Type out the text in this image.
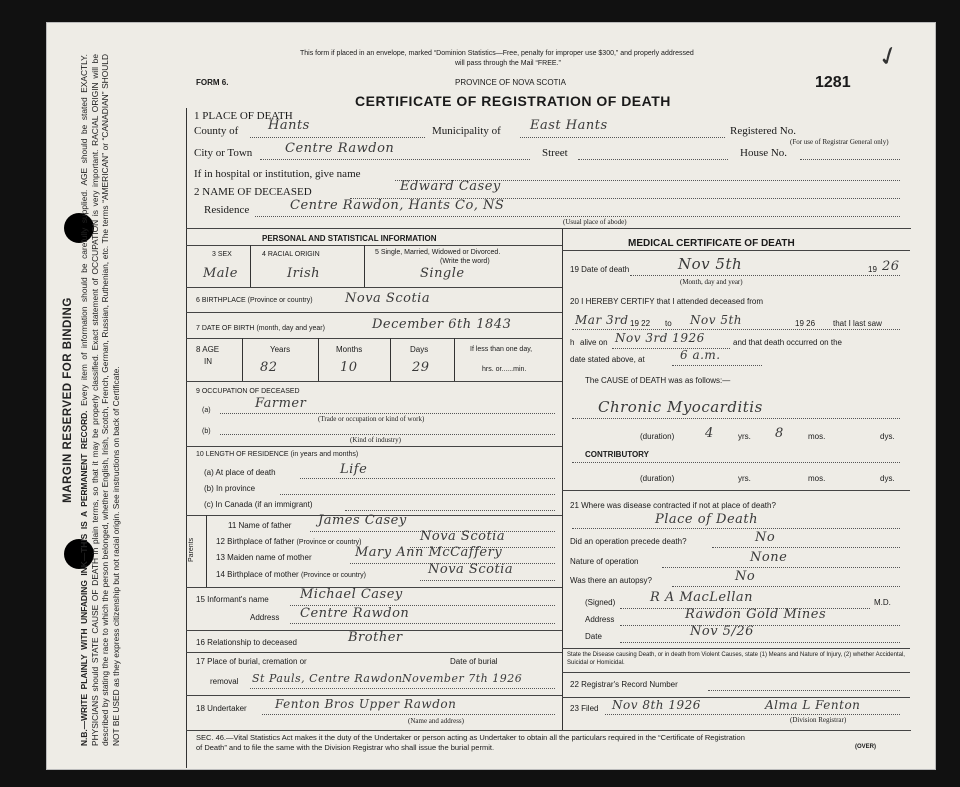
MARGIN RESERVED FOR BINDING
N.B.—WRITE PLAINLY WITH UNFADING INK—THIS IS A PERMANENT RECORD. Every item of information should be carefully supplied. AGE should be stated EXACTLY. PHYSICIANS should STATE CAUSE OF DEATH in plain terms, so that it may be properly classified. Exact statement of OCCUPATION is very important. RACIAL ORIGIN will be described by stating the race to which the person belonged, whether English, Irish, Scotch, French, German, Russian, Ruthenian, etc. The terms “AMERICAN” or “CANADIAN” SHOULD NOT BE USED as they express citizenship but not racial origin. See instructions on back of Certificate.
This form if placed in an envelope, marked “Dominion Statistics—Free, penalty for improper use $300,” and properly addressed
will pass through the Mail “FREE.”
FORM 6.	PROVINCE OF NOVA SCOTIA	1281
CERTIFICATE OF REGISTRATION OF DEATH
✓
1 PLACE OF DEATH
County of Hants	Municipality of East Hants	Registered No.
(For use of Registrar General only)
City or Town	Centre Rawdon	Street	House No.
If in hospital or institution, give name
2 NAME OF DECEASED	Edward Casey
Residence	Centre Rawdon, Hants Co, NS
(Usual place of abode)
PERSONAL AND STATISTICAL INFORMATION
3 SEX	4 RACIAL ORIGIN	5 Single, Married, Widowed or Divorced.
(Write the word)
Male	Irish	Single
6 BIRTHPLACE (Province or country) Nova Scotia
7 DATE OF BIRTH (month, day and year)	December 6th 1843
8 AGE
IN
Years	Months	Days	If less than one day,
hrs. or......min.
82	10	29
9 OCCUPATION OF DECEASED
(a)	Farmer
(Trade or occupation or kind of work)
(b)
(Kind of industry)
10 LENGTH OF RESIDENCE (in years and months)
(a) At place of death	Life
(b) In province
(c) In Canada (if an immigrant)
Parents
11 Name of father James Casey
12 Birthplace of father (Province or country)	Nova Scotia
13 Maiden name of mother	Mary Ann McCaffery
14 Birthplace of mother (Province or country)	Nova Scotia
15 Informant's name Michael Casey
Address Centre Rawdon
16 Relationship to deceased	Brother
17 Place of burial, cremation or	Date of burial
removal St Pauls, Centre Rawdon November 7th 1926
18 Undertaker Fenton Bros Upper Rawdon
(Name and address)
MEDICAL CERTIFICATE OF DEATH
19 Date of death	Nov 5th	19 26
(Month, day and year)
20 I HEREBY CERTIFY that I attended deceased from
Mar 3rd 19 22 to Nov 5th	19 26 that I last saw
h alive on Nov 3rd 1926	and that death occurred on the
date stated above, at	6 a.m.
The CAUSE of DEATH was as follows:—
Chronic Myocarditis
(duration) 4	yrs. 8	mos.	dys.
CONTRIBUTORY
(duration)	yrs.	mos.	dys.
21 Where was disease contracted if not at place of death?
Place of Death
Did an operation precede death?	No
Nature of operation	None
Was there an autopsy?	No
(Signed)	R A MacLellan	M.D.
Address	Rawdon Gold Mines
Date	Nov 5/26
State the Disease causing Death, or in death from Violent Causes, state (1) Means and Nature of Injury, (2) whether Accidental, Suicidal or Homicidal.
22 Registrar's Record Number
23 Filed Nov 8th 1926	Alma L Fenton
(Division Registrar)
SEC. 46.—Vital Statistics Act makes it the duty of the Undertaker or person acting as Undertaker to obtain all the particulars required in the “Certificate of Registration
of Death” and to file the same with the Division Registrar who shall issue the burial permit.	(OVER)
